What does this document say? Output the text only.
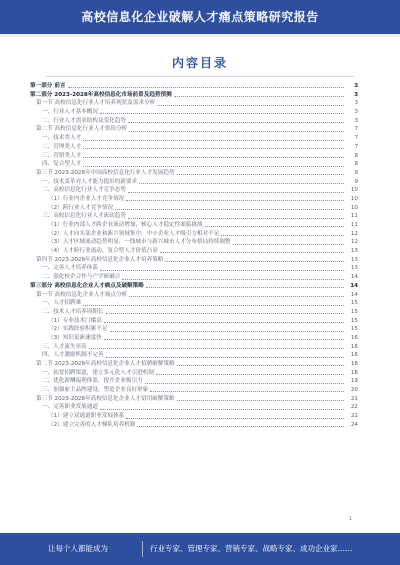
高校信息化企业破解人才痛点策略研究报告
内容目录
第一部分 前言	3
第二部分 2023-2028年高校信息化市场前景及趋势预测	3
第一节 高校信息化行业人才培养现状及需求分析	3
一、行业人才基本概况	3
二、行业人才需求结构及变化趋势	3
第二节 高校信息化行业人才供给分析	7
一、技术类人才	7
二、管理类人才	7
三、营销类人才	8
四、复合型人才	8
第三节 2023-2028年中国高校信息化行业人才发展趋势	9
一、技术变革对人才能力提出的新要求	9
二、高校信息化行业人才竞争态势	10
（1）行业内企业人才竞争情况	10
（2）跨行业人才竞争情况	10
三、高校信息化行业人才流动趋势	11
（1）行业内部人才跨企业流动增加，核心人才稳定性面临挑战	11
（2）人才向头部企业和新兴领域集中，中小企业人才吸引力相对不足	12
（3）人才区域流动趋势明显，一线城市与新兴城市人才分布格局持续调整	12
（4）人才跨行业流动，复合型人才价值凸显	13
第四节 2023-2028年高校信息化企业人才培养策略	13
一、完善人才培养体系	13
二、强化校企合作与产学研融合	14
第三部分 高校信息化企业人才痛点及破解策略	14
第一节 高校信息化企业人才痛点分析	14
一、人才招聘难	15
二、技术人才培养周期长	15
（1）专业技术门槛高	15
（2）实践经验积累不足	15
（3）知识更新速度快	16
三、人才流失率高	16
四、人才激励机制不完善	16
第二节 2023-2028年高校信息化企业人才招聘破解策略	18
一、拓宽招聘渠道，建立多元化人才引进机制	18
二、优化薪酬福利体系，提升企业吸引力	19
三、加强雇主品牌建设，塑造企业良好形象	20
第三节 2023-2028年高校信息化企业人才留用破解策略	21
一、完善职业发展通道	22
（1）建立双通道职业发展体系	22
（2）建立完善的人才梯队培养机制	24
1
让每个人都能成为	行业专家、管理专家、营销专家、战略专家、成功企业家……
